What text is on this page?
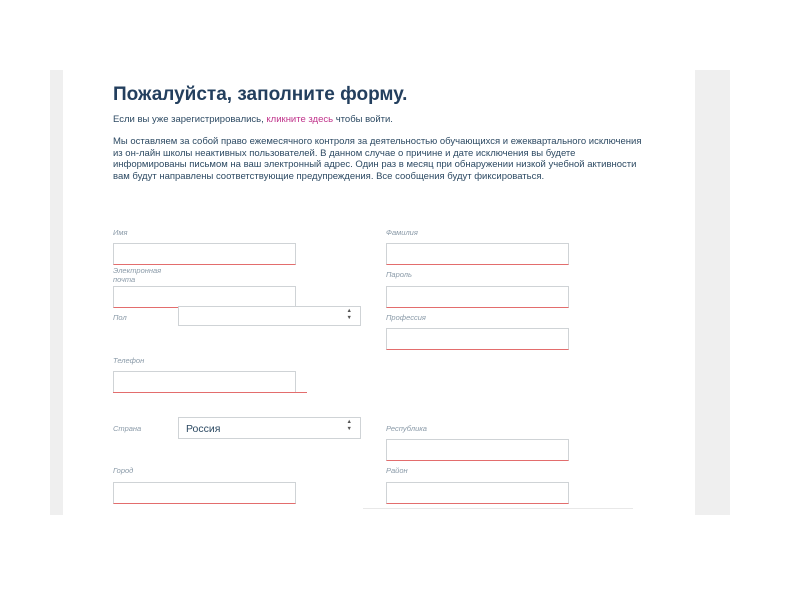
Пожалуйста, заполните форму.
Если вы уже зарегистрировались, кликните здесь чтобы войти.

Мы оставляем за собой право ежемесячного контроля за деятельностью обучающихся и ежеквартального исключения из он-лайн школы неактивных пользователей. В данном случае о причине и дате исключения вы будете информированы письмом на ваш электронный адрес. Один раз в месяц при обнаружении низкой учебной активности вам будут направлены соответствующие предупреждения. Все сообщения будут фиксироваться.

Имя
Электронная почта
Пол
▲
▼
Телефон
Страна	Россия
▲
▼
Город
Фамилия
Пароль
Профессия
Республика
Район
